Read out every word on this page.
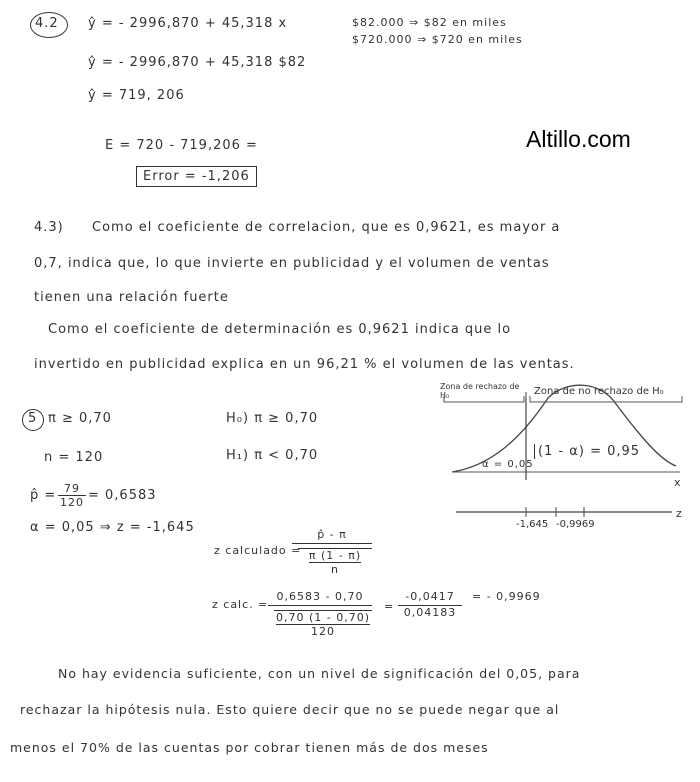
Altillo.com
4.2 ŷ = - 2996,870 + 45,318 x
ŷ = - 2996,870 + 45,318 $82
ŷ = 719, 206
$82.000 ⇒ $82 en miles
$720.000 ⇒ $720 en miles
E = 720 - 719,206 =
Error = -1,206
4.3) Como el coeficiente de correlacion, que es 0,9621, es mayor a
0,7, indica que, lo que invierte en publicidad y el volumen de ventas
tienen una relación fuerte
Como el coeficiente de determinación es 0,9621 indica que lo
invertido en publicidad explica en un 96,21 % el volumen de las ventas.
5 π ≥ 0,70
n = 120
p̂ = $\frac{79}{120} = 0,6583$
α = 0,05 ⇒ z = -1,645
H₀) π ≥ 0,70
H₁) π < 0,70
Zona de rechazo de H₀	Zona de no rechazo de H₀
α = 0,05
(1 - α) = 0,95
-1,645 -0,9969
x
z
z calculado =
p̂ - π
π (1 - π)
n
z calc. = 0,6583 - 0,70
0,70 (1 - 0,70)
$120 = \frac{-0,0417}{0,04183}$ = - 0,9969
No hay evidencia suficiente, con un nivel de significación del 0,05, para
rechazar la hipótesis nula. Esto quiere decir que no se puede negar que al
menos el 70% de las cuentas por cobrar tienen más de dos meses
